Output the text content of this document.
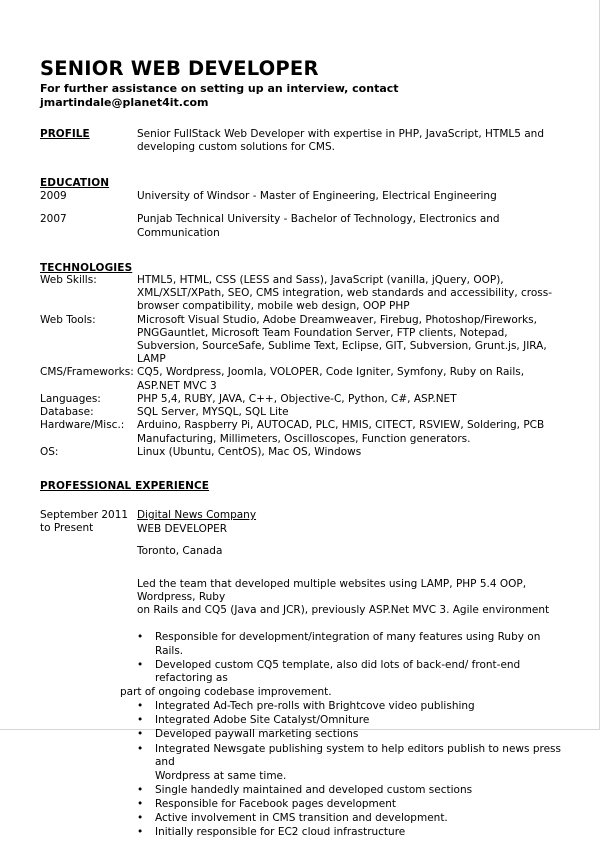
SENIOR WEB DEVELOPER

For further assistance on setting up an interview, contact jmartindale@planet4it.com

PROFILE	Senior FullStack Web Developer with expertise in PHP, JavaScript, HTML5 and developing custom solutions for CMS.
EDUCATION
2009	University of Windsor - Master of Engineering, Electrical Engineering
2007	Punjab Technical University - Bachelor of Technology, Electronics and Communication
TECHNOLOGIES
Web Skills:	HTML5, HTML, CSS (LESS and Sass), JavaScript (vanilla, jQuery, OOP), XML/XSLT/XPath, SEO, CMS integration, web standards and accessibility, cross-browser compatibility, mobile web design, OOP PHP
Web Tools:	Microsoft Visual Studio, Adobe Dreamweaver, Firebug, Photoshop/Fireworks, PNGGauntlet, Microsoft Team Foundation Server, FTP clients, Notepad, Subversion, SourceSafe, Sublime Text, Eclipse, GIT, Subversion, Grunt.js, JIRA, LAMP
CMS/Frameworks: CQ5, Wordpress, Joomla, VOLOPER, Code Igniter, Symfony, Ruby on Rails, ASP.NET MVC 3
Languages:	PHP 5,4, RUBY, JAVA, C++, Objective-C, Python, C#, ASP.NET
Database:	SQL Server, MYSQL, SQL Lite
Hardware/Misc.:	Arduino, Raspberry Pi, AUTOCAD, PLC, HMIS, CITECT, RSVIEW, Soldering, PCB Manufacturing, Millimeters, Oscilloscopes, Function generators.
OS:	Linux (Ubuntu, CentOS), Mac OS, Windows
PROFESSIONAL EXPERIENCE
September 2011
to Present
Digital News Company
WEB DEVELOPER
Toronto, Canada
Led the team that developed multiple websites using LAMP, PHP 5.4 OOP, Wordpress, Ruby
on Rails and CQ5 (Java and JCR), previously ASP.Net MVC 3. Agile environment
• Responsible for development/integration of many features using Ruby on Rails.
• Developed custom CQ5 template, also did lots of back-end/ front-end refactoring as
part of ongoing codebase improvement.
• Integrated Ad-Tech pre-rolls with Brightcove video publishing
• Integrated Adobe Site Catalyst/Omniture
• Developed paywall marketing sections
• Integrated Newsgate publishing system to help editors publish to news press and
Wordpress at same time.
• Single handedly maintained and developed custom sections
• Responsible for Facebook pages development
• Active involvement in CMS transition and development.
• Initially responsible for EC2 cloud infrastructure
